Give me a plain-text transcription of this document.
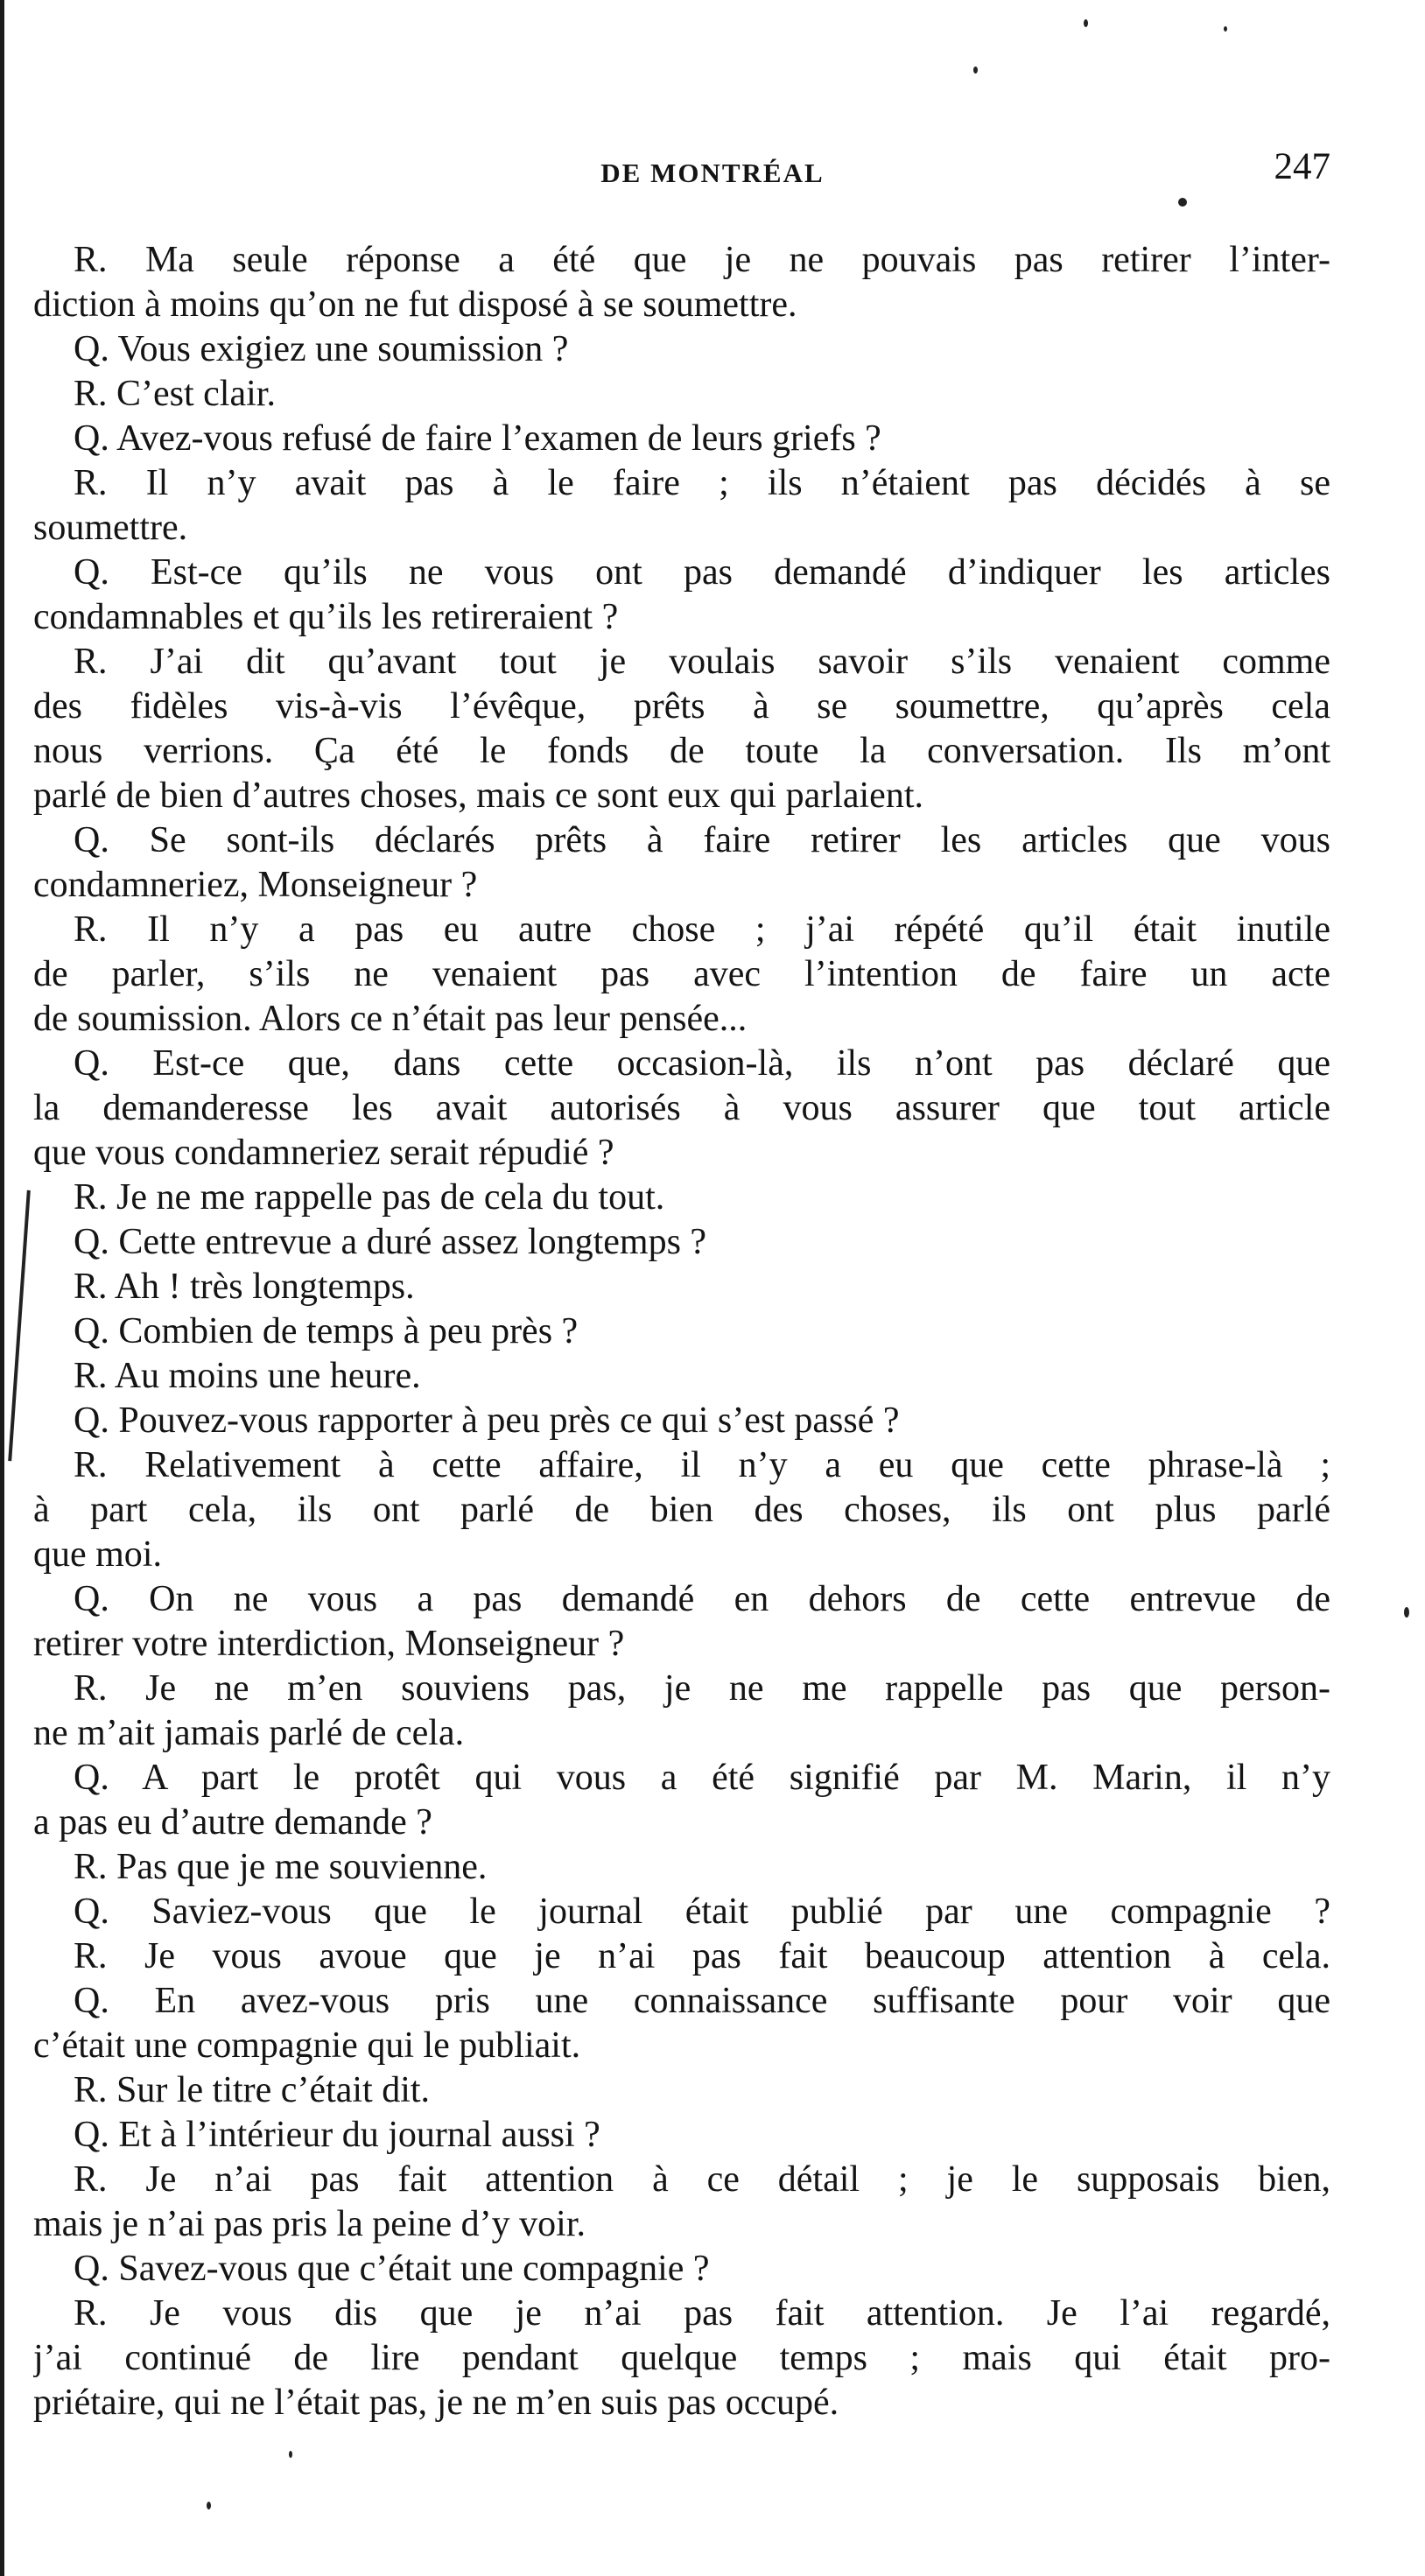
DE MONTRÉAL	247
R. Ma seule réponse a été que je ne pouvais pas retirer l’inter-
diction à moins qu’on ne fut disposé à se soumettre.
Q. Vous exigiez une soumission ?
R. C’est clair.
Q. Avez-vous refusé de faire l’examen de leurs griefs ?
R. Il n’y avait pas à le faire ; ils n’étaient pas décidés à se
soumettre.
Q. Est-ce qu’ils ne vous ont pas demandé d’indiquer les articles
condamnables et qu’ils les retireraient ?
R. J’ai dit qu’avant tout je voulais savoir s’ils venaient comme
des fidèles vis-à-vis l’évêque, prêts à se soumettre, qu’après cela
nous verrions. Ça été le fonds de toute la conversation. Ils m’ont
parlé de bien d’autres choses, mais ce sont eux qui parlaient.
Q. Se sont-ils déclarés prêts à faire retirer les articles que vous
condamneriez, Monseigneur ?
R. Il n’y a pas eu autre chose ; j’ai répété qu’il était inutile
de parler, s’ils ne venaient pas avec l’intention de faire un acte
de soumission. Alors ce n’était pas leur pensée...
Q. Est-ce que, dans cette occasion-là, ils n’ont pas déclaré que
la demanderesse les avait autorisés à vous assurer que tout article
que vous condamneriez serait répudié ?
R. Je ne me rappelle pas de cela du tout.
Q. Cette entrevue a duré assez longtemps ?
R. Ah ! très longtemps.
Q. Combien de temps à peu près ?
R. Au moins une heure.
Q. Pouvez-vous rapporter à peu près ce qui s’est passé ?
R. Relativement à cette affaire, il n’y a eu que cette phrase-là ;
à part cela, ils ont parlé de bien des choses, ils ont plus parlé
que moi.
Q. On ne vous a pas demandé en dehors de cette entrevue de
retirer votre interdiction, Monseigneur ?
R. Je ne m’en souviens pas, je ne me rappelle pas que person-
ne m’ait jamais parlé de cela.
Q. A part le protêt qui vous a été signifié par M. Marin, il n’y
a pas eu d’autre demande ?
R. Pas que je me souvienne.
Q. Saviez-vous que le journal était publié par une compagnie ?
R. Je vous avoue que je n’ai pas fait beaucoup attention à cela.
Q. En avez-vous pris une connaissance suffisante pour voir que
c’était une compagnie qui le publiait.
R. Sur le titre c’était dit.
Q. Et à l’intérieur du journal aussi ?
R. Je n’ai pas fait attention à ce détail ; je le supposais bien,
mais je n’ai pas pris la peine d’y voir.
Q. Savez-vous que c’était une compagnie ?
R. Je vous dis que je n’ai pas fait attention. Je l’ai regardé,
j’ai continué de lire pendant quelque temps ; mais qui était pro-
priétaire, qui ne l’était pas, je ne m’en suis pas occupé.
